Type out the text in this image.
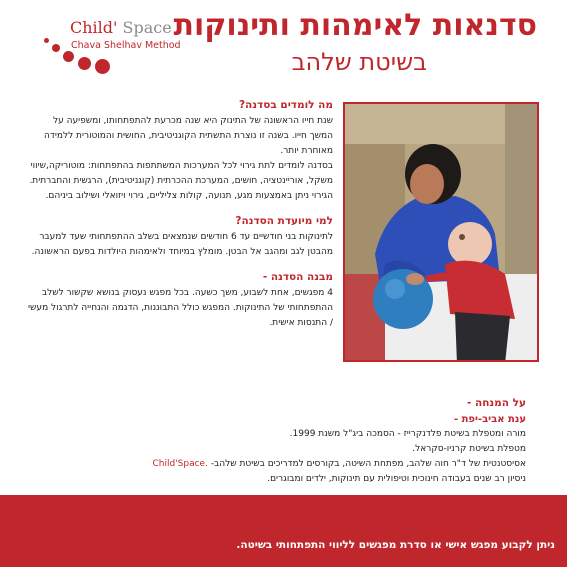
Child' Space
Chava Shelhav Method
סדנאות לאימהות ותינוקות
בשיטת שלהב
מה לומדים בסדנה?

שנת חייו הראשונה של התינוק היא שנה מכרעת להתפתחותו, ומשפיעה על המשך חייו. בשנה זו נוצרת התשתית הקוגניטיבית, החושית והמוטורית ללמידה מאוחרת יותר.

בסדנה לומדים לתת גירוי לכל המערכות המשתתפות בהתפתחות: מוטוריקה,שיווי משקל, אוריינטציה, חושים, המערכת ההכרתית (קוגניטיבית), הרגשית והחברתית. הגירוי ניתן באמצעות מגע, תנועה, קולות צליליים, גירוי ויזואלי ושילוב ביניהם.

למי מיועדת הסדנה?

לתינוקות בני חודשיים עד 6 חודשים שנמצאים בשלב ההתפתחותי שעד למעבר מהבטן לגב ומהגב אל הבטן. מומלץ במיוחד ולאימהות היולדות בפעם הראשונה.

מבנה הסדנה -

4 מפגשים, אחת לשבוע, משך כשעה. בכל מפגש נעסוק בנושא שקשור לשלב ההתפתחותי של התינוקות. המפגש כולל התבוננות, הדגמה והנחייה לתרגול מעשי / התנסות אישית.

על המנחה -
ענת אביב-יפת -

מורה ומטפלת בשיטת פלדנקרייז - הסמכה ביג"ל משנת 1999.

מטפלת בשיטת קרניו-סקראל.

אסיסטנטית של ד"ר חוה שלהב, מפתחת השיטה, בקורסים למדריכים בשיטת שלהב- Child'Space.

ניסיון רב שנים בעבודה חינוכית וטיפולית עם תינוקות, ילדים ומבוגרים.

ניתן לקבוע מפגש אישי או סדרת מפגשים לליווי התפתחותי בשיטה.
